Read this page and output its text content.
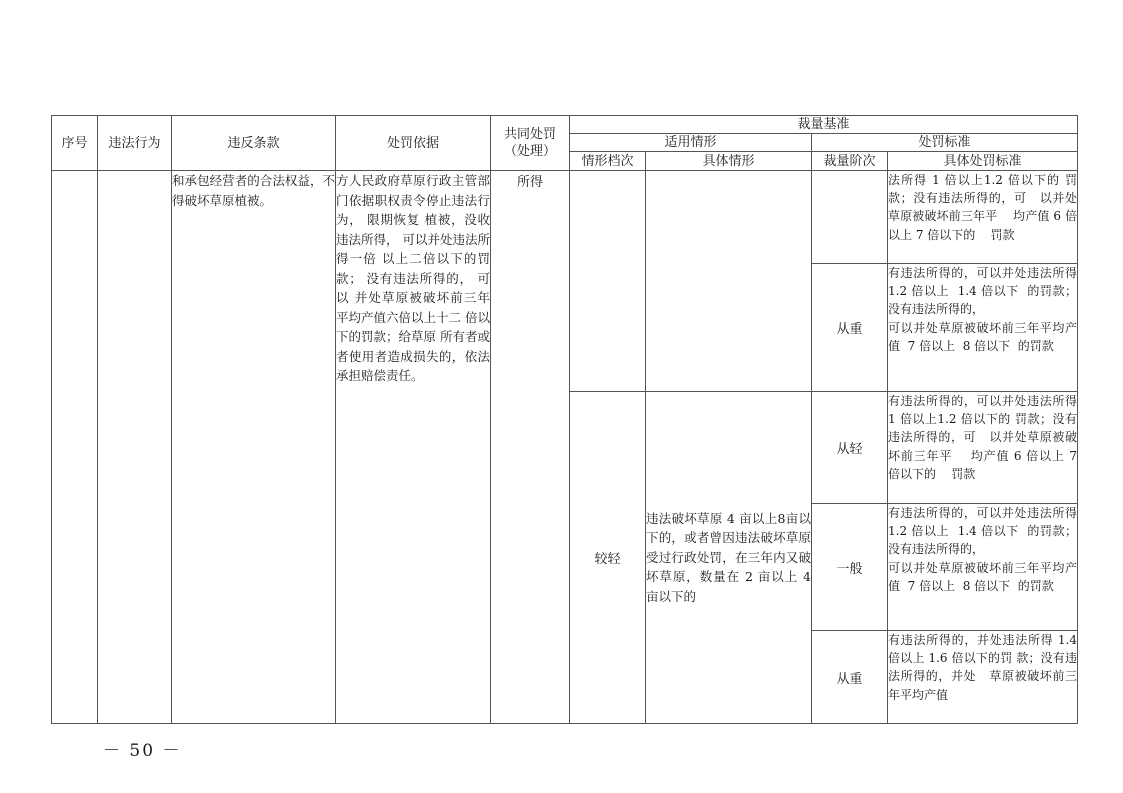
序号	违法行为	违反条款	处罚依据	共同处罚
（处理）	裁量基准			
					适用情形		处罚标准	
					情形档次	具体情形	裁量阶次	具体处罚标准
		和承包经营者的合法权益，不得破坏草原植被。	方人民政府草原行政主管部门依据职权责令停止违法行为， 限期恢复 植被，没收违法所得， 可以并处违法所得一倍 以上二倍以下的罚款； 没有违法所得的， 可以 并处草原被破坏前三年 平均产值六倍以上十二 倍以下的罚款；给草原 所有者或者使用者造成损失的，依法承担赔偿责任。	所得				法所得 1 倍以上1.2 倍以下的 罚款；没有违法所得的，可   以并处草原被破坏前三年平    均产值 6 倍以上 7 倍以下的    罚款
							从重	有违法所得的，可以并处违法所得  1.2 倍以上  1.4 倍以下  的罚款；  没有违法所得的，
可以并处草原被破坏前三年平均产值  7 倍以上  8 倍以下  的罚款
					较轻	违法破坏草原 4 亩以上8亩以下的，或者曾因违法破坏草原受过行政处罚，在三年内又破坏草原，数量在 2 亩以上 4 亩以下的	从轻	有违法所得的，可以并处违法所得 1 倍以上1.2 倍以下的 罚款；没有违法所得的，可   以并处草原被破坏前三年平    均产值 6 倍以上 7 倍以下的    罚款
							一般	有违法所得的，可以并处违法所得  1.2 倍以上  1.4 倍以下  的罚款；  没有违法所得的，
可以并处草原被破坏前三年平均产值  7 倍以上  8 倍以下  的罚款
							从重	有违法所得的，并处违法所得 1.4 倍以上 1.6 倍以下的罚 款；没有违法所得的，并处   草原被破坏前三年平均产值
－ 50 －
